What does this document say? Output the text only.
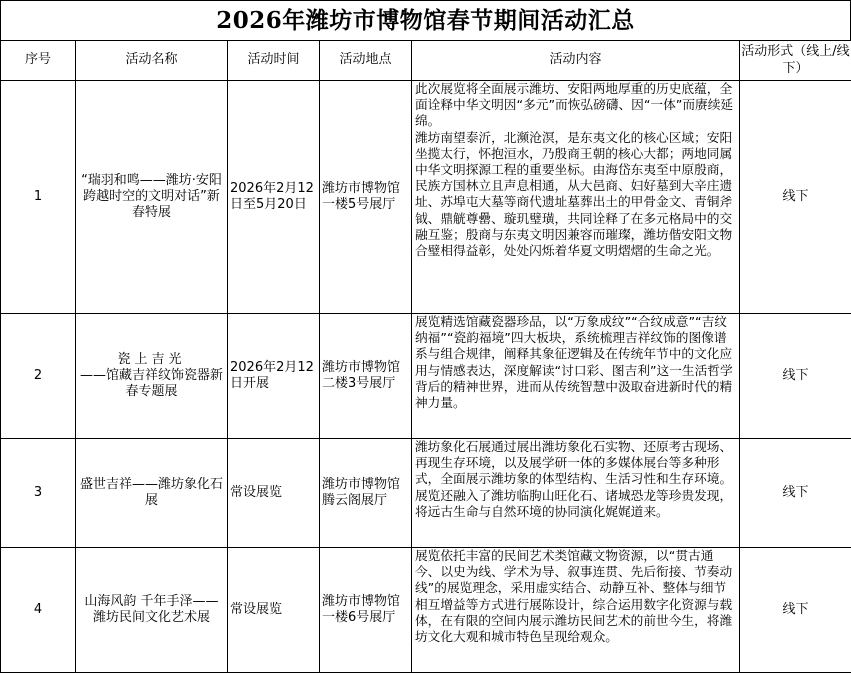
2026年潍坊市博物馆春节期间活动汇总
序号	活动名称	活动时间	活动地点	活动内容	活动形式（线上/线下）
1	“瑞羽和鸣——潍坊·安阳跨越时空的文明对话”新春特展	2026年2月12日至5月20日	潍坊市博物馆一楼5号展厅	此次展览将全面展示潍坊、安阳两地厚重的历史底蕴，全面诠释中华文明因“多元”而恢弘磅礴、因“一体”而赓续延绵。
潍坊南望泰沂，北濒沧溟，是东夷文化的核心区域；安阳坐揽太行，怀抱洹水，乃殷商王朝的核心大都；两地同属中华文明探源工程的重要坐标。由海岱东夷至中原殷商，民族方国林立且声息相通，从大邑商、妇好墓到大辛庄遗址、苏埠屯大墓等商代遗址墓葬出土的甲骨金文、青铜斧钺、鼎觥尊罍、璇玑璧璜，共同诠释了在多元格局中的交融互鉴；殷商与东夷文明因兼容而璀璨，潍坊偕安阳文物合璧相得益彰，处处闪烁着华夏文明熠熠的生命之光。	线下
2	瓷上吉光
——馆藏吉祥纹饰瓷器新春专题展	2026年2月12日开展	潍坊市博物馆二楼3号展厅	展览精选馆藏瓷器珍品，以“万象成纹”“合纹成意”“吉纹纳福”“瓷韵福境”四大板块，系统梳理吉祥纹饰的图像谱系与组合规律，阐释其象征逻辑及在传统年节中的文化应用与情感表达，深度解读“讨口彩、图吉利”这一生活哲学背后的精神世界，进而从传统智慧中汲取奋进新时代的精神力量。	线下
3	盛世吉祥——潍坊象化石展	常设展览	潍坊市博物馆腾云阁展厅	潍坊象化石展通过展出潍坊象化石实物、还原考古现场、再现生存环境，以及展学研一体的多媒体展台等多种形式，全面展示潍坊象的体型结构、生活习性和生存环境。展览还融入了潍坊临朐山旺化石、诸城恐龙等珍贵发现，将远古生命与自然环境的协同演化娓娓道来。	线下
4	山海风韵 千年手泽——潍坊民间文化艺术展	常设展览	潍坊市博物馆一楼6号展厅	展览依托丰富的民间艺术类馆藏文物资源，以“贯古通今、以史为线、学术为导、叙事连贯、先后衔接、节奏动线”的展览理念，采用虚实结合、动静互补、整体与细节相互增益等方式进行展陈设计，综合运用数字化资源与载体，在有限的空间内展示潍坊民间艺术的前世今生，将潍坊文化大观和城市特色呈现给观众。	线下
